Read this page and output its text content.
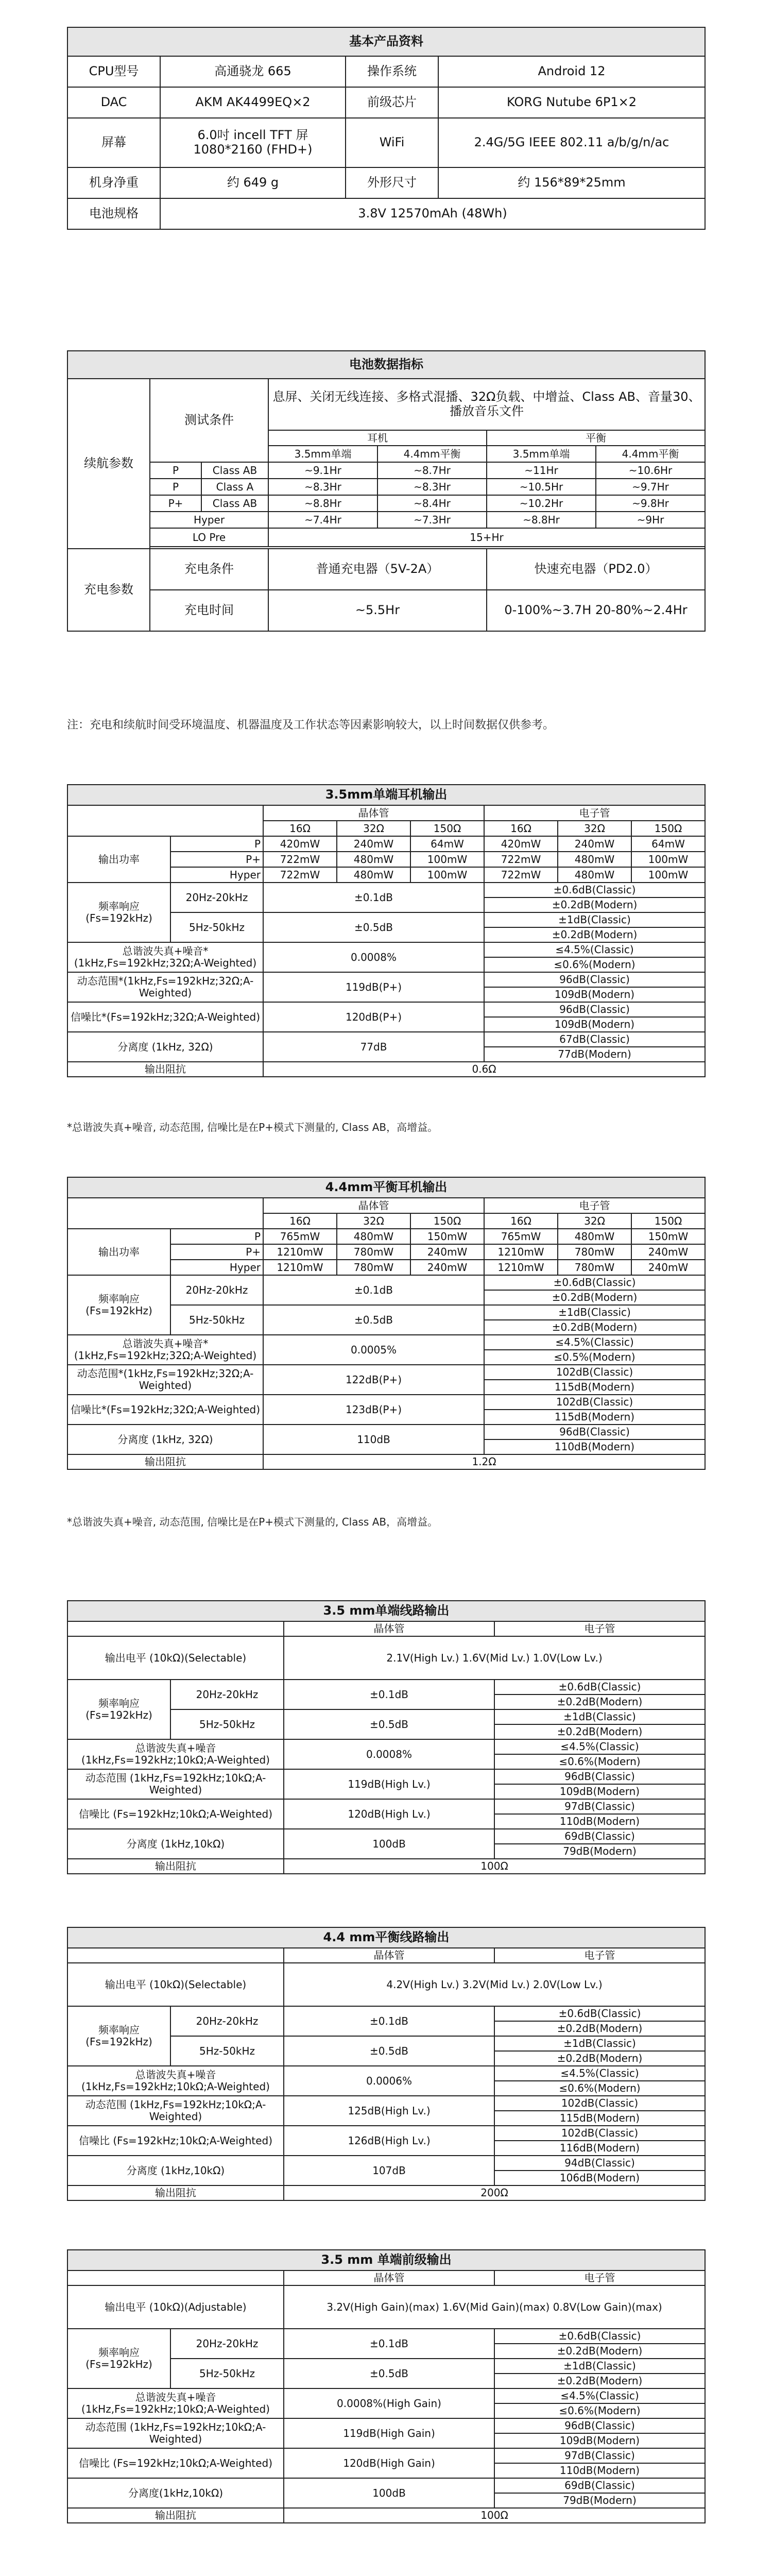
基本产品资料			
CPU型号	高通骁龙 665	操作系统	Android 12
DAC	AKM AK4499EQ×2	前级芯片	KORG Nutube 6P1×2
屏幕	6.0吋 incell TFT 屏 1080*2160 (FHD+)	WiFi	2.4G/5G IEEE 802.11 a/b/g/n/ac
机身净重	约 649 g	外形尺寸	约 156*89*25mm
电池规格	3.8V 12570mAh (48Wh)		
电池数据指标						
续航参数	测试条件		息屏、关闭无线连接、多格式混播、32Ω负载、中增益、Class AB、音量30、播放音乐文件			
			耳机		平衡	
			3.5mm单端	4.4mm平衡	3.5mm单端	4.4mm平衡
	P	Class AB	~9.1Hr	~8.7Hr	~11Hr	~10.6Hr
	P	Class A	~8.3Hr	~8.3Hr	~10.5Hr	~9.7Hr
	P+	Class AB	~8.8Hr	~8.4Hr	~10.2Hr	~9.8Hr
	Hyper		~7.4Hr	~7.3Hr	~8.8Hr	~9Hr
	LO Pre		15+Hr			

充电参数	充电条件		普通充电器（5V-2A）		快速充电器（PD2.0）	
	充电时间		~5.5Hr		0-100%~3.7H 20-80%~2.4Hr	
注：充电和续航时间受环境温度、机器温度及工作状态等因素影响较大，以上时间数据仅供参考。
3.5mm单端耳机输出							
		晶体管			电子管		
		16Ω	32Ω	150Ω	16Ω	32Ω	150Ω
输出功率	P	420mW	240mW	64mW	420mW	240mW	64mW
	P+	722mW	480mW	100mW	722mW	480mW	100mW
	Hyper	722mW	480mW	100mW	722mW	480mW	100mW
频率响应 (Fs=192kHz)	20Hz-20kHz	±0.1dB			±0.6dB(Classic)		
					±0.2dB(Modern)		
	5Hz-50kHz	±0.5dB			±1dB(Classic)		
					±0.2dB(Modern)		
总谐波失真+噪音*(1kHz,Fs=192kHz;32Ω;A-Weighted)		0.0008%			≤4.5%(Classic)		
					≤0.6%(Modern)		
动态范围*(1kHz,Fs=192kHz;32Ω;A-Weighted)		119dB(P+)			96dB(Classic)		
					109dB(Modern)		
信噪比*(Fs=192kHz;32Ω;A-Weighted)		120dB(P+)			96dB(Classic)		
					109dB(Modern)		
分离度 (1kHz, 32Ω)		77dB			67dB(Classic)		
					77dB(Modern)		
输出阻抗		0.6Ω					
*总谐波失真+噪音, 动态范围, 信噪比是在P+模式下测量的, Class AB，高增益。
4.4mm平衡耳机输出							
		晶体管			电子管		
		16Ω	32Ω	150Ω	16Ω	32Ω	150Ω
输出功率	P	765mW	480mW	150mW	765mW	480mW	150mW
	P+	1210mW	780mW	240mW	1210mW	780mW	240mW
	Hyper	1210mW	780mW	240mW	1210mW	780mW	240mW
频率响应 (Fs=192kHz)	20Hz-20kHz	±0.1dB			±0.6dB(Classic)		
					±0.2dB(Modern)		
	5Hz-50kHz	±0.5dB			±1dB(Classic)		
					±0.2dB(Modern)		
总谐波失真+噪音*(1kHz,Fs=192kHz;32Ω;A-Weighted)		0.0005%			≤4.5%(Classic)		
					≤0.5%(Modern)		
动态范围*(1kHz,Fs=192kHz;32Ω;A-Weighted)		122dB(P+)			102dB(Classic)		
					115dB(Modern)		
信噪比*(Fs=192kHz;32Ω;A-Weighted)		123dB(P+)			102dB(Classic)		
					115dB(Modern)		
分离度 (1kHz, 32Ω)		110dB			96dB(Classic)		
					110dB(Modern)		
输出阻抗		1.2Ω					
*总谐波失真+噪音, 动态范围, 信噪比是在P+模式下测量的, Class AB，高增益。
3.5 mm单端线路输出			
		晶体管	电子管
输出电平 (10kΩ)(Selectable)		2.1V(High Lv.) 1.6V(Mid Lv.) 1.0V(Low Lv.)	
频率响应 (Fs=192kHz)	20Hz-20kHz	±0.1dB	±0.6dB(Classic)
			±0.2dB(Modern)
	5Hz-50kHz	±0.5dB	±1dB(Classic)
			±0.2dB(Modern)
总谐波失真+噪音 (1kHz,Fs=192kHz;10kΩ;A-Weighted)		0.0008%	≤4.5%(Classic)
			≤0.6%(Modern)
动态范围 (1kHz,Fs=192kHz;10kΩ;A-Weighted)		119dB(High Lv.)	96dB(Classic)
			109dB(Modern)
信噪比 (Fs=192kHz;10kΩ;A-Weighted)		120dB(High Lv.)	97dB(Classic)
			110dB(Modern)
分离度 (1kHz,10kΩ)		100dB	69dB(Classic)
			79dB(Modern)
输出阻抗		100Ω	
4.4 mm平衡线路输出			
		晶体管	电子管
输出电平 (10kΩ)(Selectable)		4.2V(High Lv.) 3.2V(Mid Lv.) 2.0V(Low Lv.)	
频率响应 (Fs=192kHz)	20Hz-20kHz	±0.1dB	±0.6dB(Classic)
			±0.2dB(Modern)
	5Hz-50kHz	±0.5dB	±1dB(Classic)
			±0.2dB(Modern)
总谐波失真+噪音 (1kHz,Fs=192kHz;10kΩ;A-Weighted)		0.0006%	≤4.5%(Classic)
			≤0.6%(Modern)
动态范围 (1kHz,Fs=192kHz;10kΩ;A-Weighted)		125dB(High Lv.)	102dB(Classic)
			115dB(Modern)
信噪比 (Fs=192kHz;10kΩ;A-Weighted)		126dB(High Lv.)	102dB(Classic)
			116dB(Modern)
分离度 (1kHz,10kΩ)		107dB	94dB(Classic)
			106dB(Modern)
输出阻抗		200Ω	
3.5 mm 单端前级输出			
		晶体管	电子管
输出电平 (10kΩ)(Adjustable)		3.2V(High Gain)(max) 1.6V(Mid Gain)(max) 0.8V(Low Gain)(max)	
频率响应 (Fs=192kHz)	20Hz-20kHz	±0.1dB	±0.6dB(Classic)
			±0.2dB(Modern)
	5Hz-50kHz	±0.5dB	±1dB(Classic)
			±0.2dB(Modern)
总谐波失真+噪音 (1kHz,Fs=192kHz;10kΩ;A-Weighted)		0.0008%(High Gain)	≤4.5%(Classic)
			≤0.6%(Modern)
动态范围 (1kHz,Fs=192kHz;10kΩ;A-Weighted)		119dB(High Gain)	96dB(Classic)
			109dB(Modern)
信噪比 (Fs=192kHz;10kΩ;A-Weighted)		120dB(High Gain)	97dB(Classic)
			110dB(Modern)
分离度(1kHz,10kΩ)		100dB	69dB(Classic)
			79dB(Modern)
输出阻抗		100Ω	
